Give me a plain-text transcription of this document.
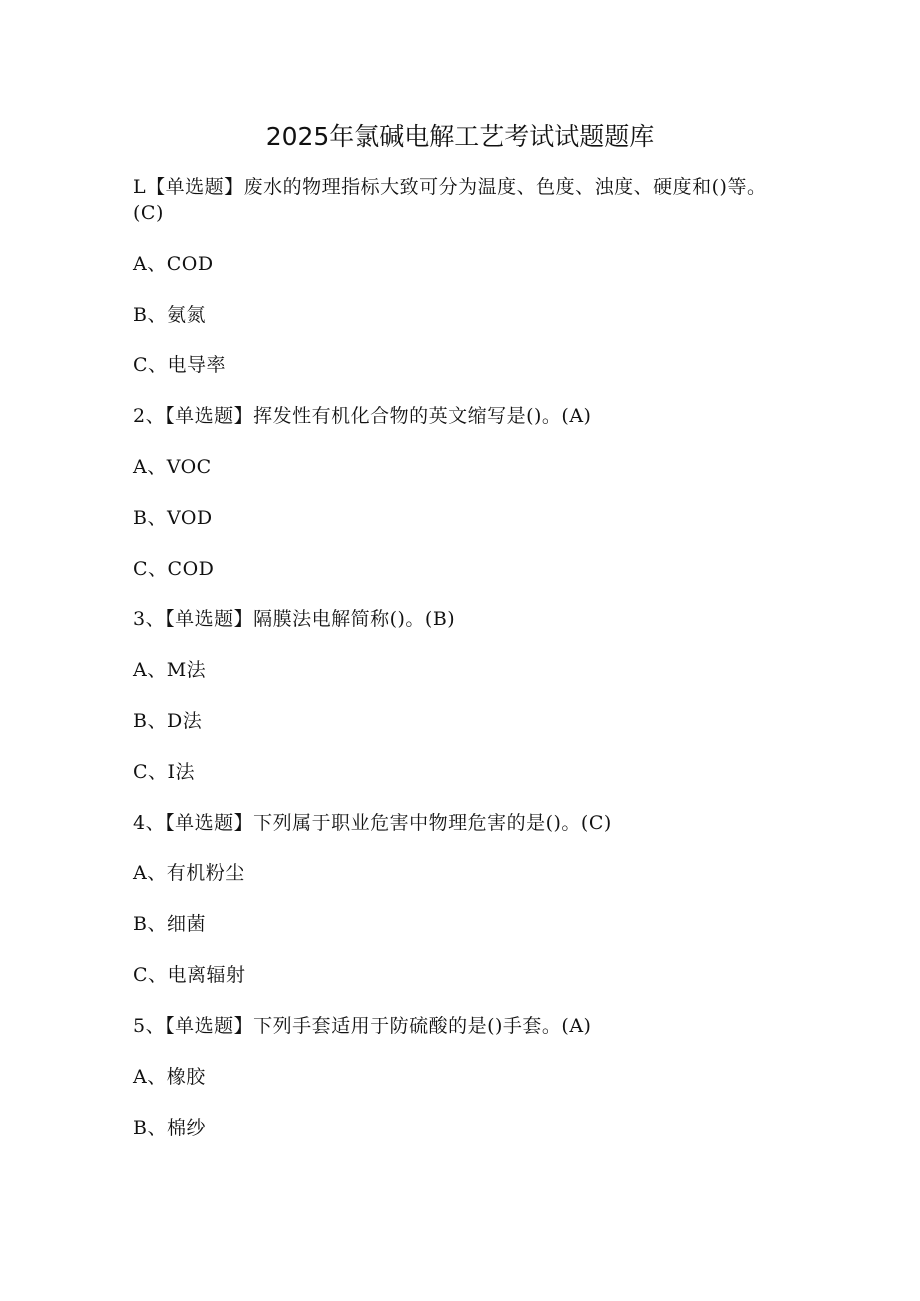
2025年氯碱电解工艺考试试题题库
L【单选题】废水的物理指标大致可分为温度、色度、浊度、硬度和()等。
(C)
A、COD
B、氨氮
C、电导率
2、【单选题】挥发性有机化合物的英文缩写是()。(A)
A、VOC
B、VOD
C、COD
3、【单选题】隔膜法电解简称()。(B)
A、M法
B、D法
C、I法
4、【单选题】下列属于职业危害中物理危害的是()。(C)
A、有机粉尘
B、细菌
C、电离辐射
5、【单选题】下列手套适用于防硫酸的是()手套。(A)
A、橡胶
B、棉纱
